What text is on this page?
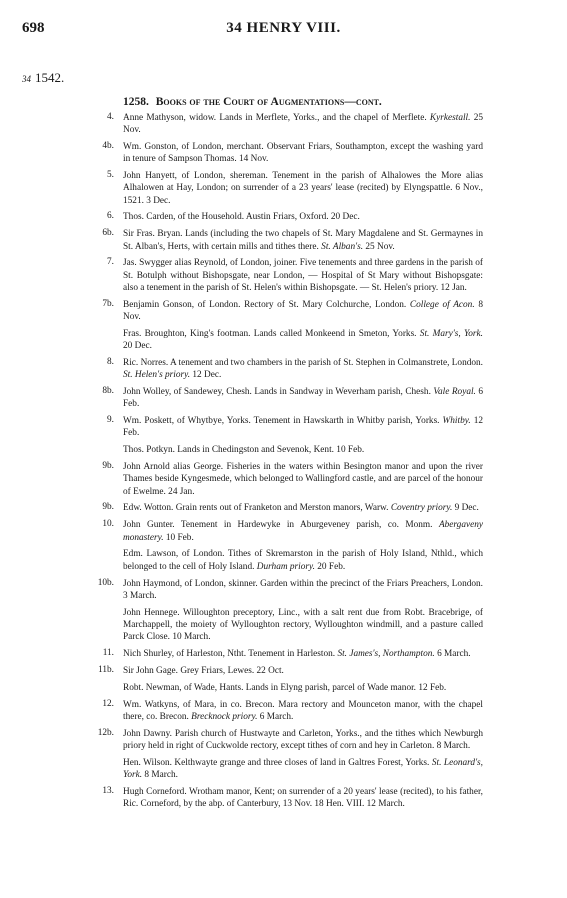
698	34 HENRY VIII.
34 1542.
1258. Books of the Court of Augmentations—cont.
4. Anne Mathyson, widow. Lands in Merflete, Yorks., and the chapel of Merflete. Kyrkestall. 25 Nov.
4b. Wm. Gonston, of London, merchant. Observant Friars, Southampton, except the washing yard in tenure of Sampson Thomas. 14 Nov.
5. John Hanyett, of London, shereman. Tenement in the parish of Alhalowes the More alias Alhalowen at Hay, London; on surrender of a 23 years' lease (recited) by Elyngspattle. 6 Nov., 1521. 3 Dec.
6. Thos. Carden, of the Household. Austin Friars, Oxford. 20 Dec.
6b. Sir Fras. Bryan. Lands (including the two chapels of St. Mary Magdalene and St. Germaynes in St. Alban's, Herts, with certain mills and tithes there. St. Alban's. 25 Nov.
7. Jas. Swygger alias Reynold, of London, joiner. Five tenements and three gardens in the parish of St. Botulph without Bishopsgate, near London, — Hospital of St Mary without Bishopsgate: also a tenement in the parish of St. Helen's within Bishopsgate. — St. Helen's priory. 12 Jan.
7b. Benjamin Gonson, of London. Rectory of St. Mary Colchurche, London. College of Acon. 8 Nov.
Fras. Broughton, King's footman. Lands called Monkeend in Smeton, Yorks. St. Mary's, York. 20 Dec.
8. Ric. Norres. A tenement and two chambers in the parish of St. Stephen in Colmanstrete, London. St. Helen's priory. 12 Dec.
8b. John Wolley, of Sandewey, Chesh. Lands in Sandway in Weverham parish, Chesh. Vale Royal. 6 Feb.
9. Wm. Poskett, of Whytbye, Yorks. Tenement in Hawskarth in Whitby parish, Yorks. Whitby. 12 Feb.
Thos. Potkyn. Lands in Chedingston and Sevenok, Kent. 10 Feb.
9b. John Arnold alias George. Fisheries in the waters within Besington manor and upon the river Thames beside Kyngesmede, which belonged to Wallingford castle, and are parcel of the honour of Ewelme. 24 Jan.
9b. Edw. Wotton. Grain rents out of Franketon and Merston manors, Warw. Coventry priory. 9 Dec.
10. John Gunter. Tenement in Hardewyke in Aburgeveney parish, co. Monm. Abergaveny monastery. 10 Feb.
Edm. Lawson, of London. Tithes of Skremarston in the parish of Holy Island, Nthld., which belonged to the cell of Holy Island. Durham priory. 20 Feb.
10b. John Haymond, of London, skinner. Garden within the precinct of the Friars Preachers, London. 3 March.
John Hennege. Willoughton preceptory, Linc., with a salt rent due from Robt. Bracebrige, of Marchappell, the moiety of Wylloughton rectory, Wylloughton windmill, and a pasture called Parck Close. 10 March.
11. Nich Shurley, of Harleston, Ntht. Tenement in Harleston. St. James's, Northampton. 6 March.
11b. Sir John Gage. Grey Friars, Lewes. 22 Oct.
Robt. Newman, of Wade, Hants. Lands in Elyng parish, parcel of Wade manor. 12 Feb.
12. Wm. Watkyns, of Mara, in co. Brecon. Mara rectory and Mounceton manor, with the chapel there, co. Brecon. Brecknock priory. 6 March.
12b. John Dawny. Parish church of Hustwayte and Carleton, Yorks., and the tithes which Newburgh priory held in right of Cuckwolde rectory, except tithes of corn and hey in Carleton. 8 March.
Hen. Wilson. Kelthwayte grange and three closes of land in Galtres Forest, Yorks. St. Leonard's, York. 8 March.
13. Hugh Corneford. Wrotham manor, Kent; on surrender of a 20 years' lease (recited), to his father, Ric. Corneford, by the abp. of Canterbury, 13 Nov. 18 Hen. VIII. 12 March.
